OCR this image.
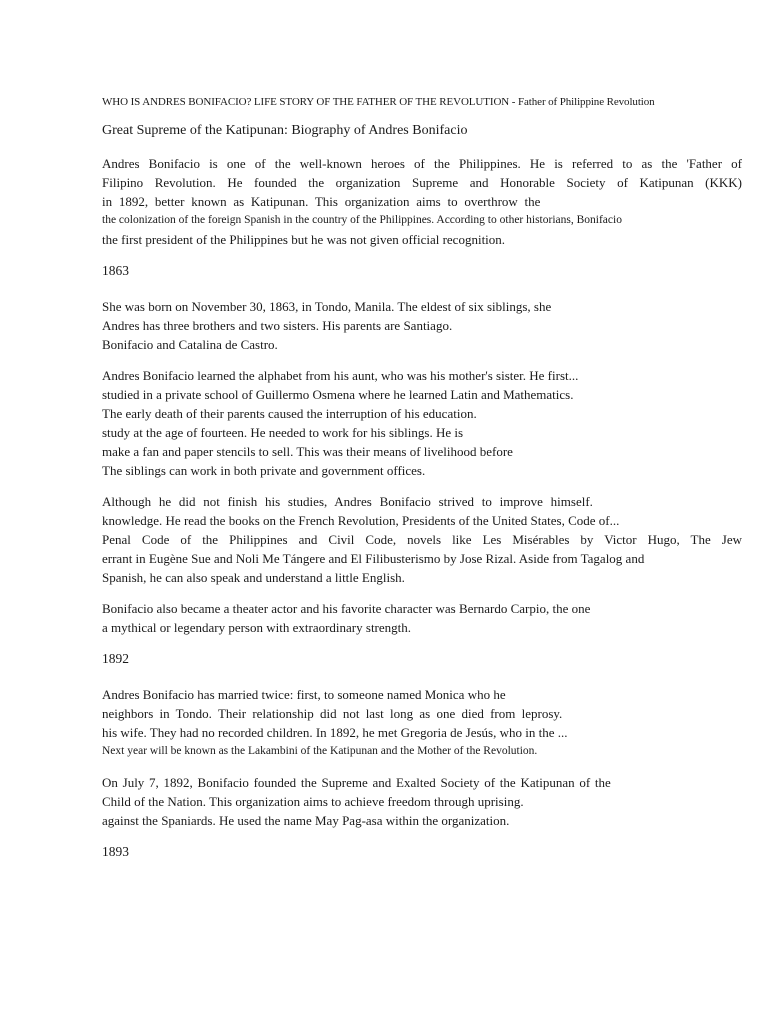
WHO IS ANDRES BONIFACIO? LIFE STORY OF THE FATHER OF THE REVOLUTION - Father of Philippine Revolution
Great Supreme of the Katipunan: Biography of Andres Bonifacio
Andres Bonifacio is one of the well-known heroes of the Philippines. He is referred to as the 'Father of
Filipino Revolution. He founded the organization Supreme and Honorable Society of Katipunan (KKK)
in 1892, better known as Katipunan. This organization aims to overthrow the
the colonization of the foreign Spanish in the country of the Philippines. According to other historians, Bonifacio
the first president of the Philippines but he was not given official recognition.
1863
She was born on November 30, 1863, in Tondo, Manila. The eldest of six siblings, she
Andres has three brothers and two sisters. His parents are Santiago.
Bonifacio and Catalina de Castro.
Andres Bonifacio learned the alphabet from his aunt, who was his mother's sister. He first...
studied in a private school of Guillermo Osmena where he learned Latin and Mathematics.
The early death of their parents caused the interruption of his education.
study at the age of fourteen. He needed to work for his siblings. He is
make a fan and paper stencils to sell. This was their means of livelihood before
The siblings can work in both private and government offices.
Although he did not finish his studies, Andres Bonifacio strived to improve himself.
knowledge. He read the books on the French Revolution, Presidents of the United States, Code of...
Penal Code of the Philippines and Civil Code, novels like Les Misérables by Victor Hugo, The Jew
errant in Eugène Sue and Noli Me Tángere and El Filibusterismo by Jose Rizal. Aside from Tagalog and
Spanish, he can also speak and understand a little English.
Bonifacio also became a theater actor and his favorite character was Bernardo Carpio, the one
a mythical or legendary person with extraordinary strength.
1892
Andres Bonifacio has married twice: first, to someone named Monica who he
neighbors in Tondo. Their relationship did not last long as one died from leprosy.
his wife. They had no recorded children. In 1892, he met Gregoria de Jesús, who in the ...
Next year will be known as the Lakambini of the Katipunan and the Mother of the Revolution.
On July 7, 1892, Bonifacio founded the Supreme and Exalted Society of the Katipunan of the
Child of the Nation. This organization aims to achieve freedom through uprising.
against the Spaniards. He used the name May Pag-asa within the organization.
1893
